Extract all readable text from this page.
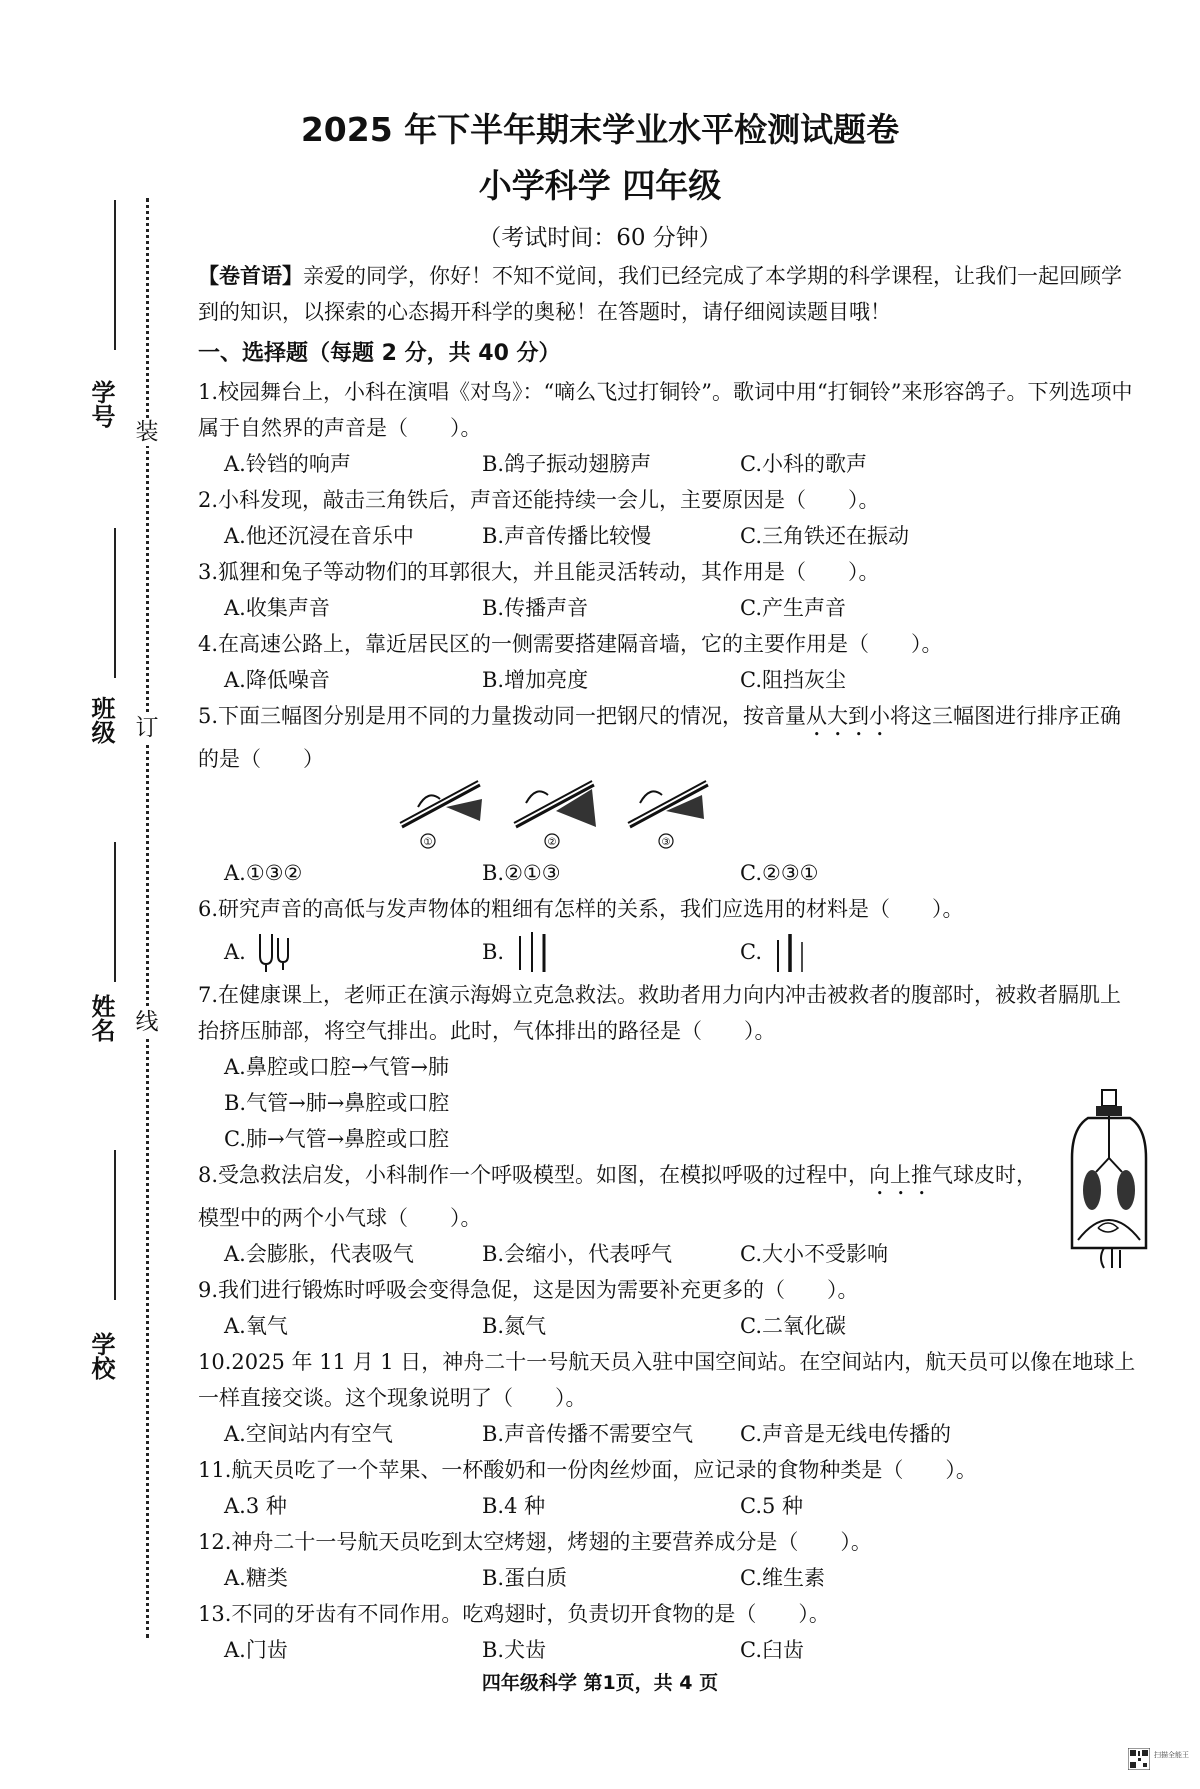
装
订
线
学号
班级
姓名
学校
2025 年下半年期末学业水平检测试题卷
小学科学 四年级
（考试时间：60 分钟）

【卷首语】亲爱的同学，你好！不知不觉间，我们已经完成了本学期的科学课程，让我们一起回顾学到的知识，以探索的心态揭开科学的奥秘！在答题时，请仔细阅读题目哦！

一、选择题（每题 2 分，共 40 分）

1.校园舞台上，小科在演唱《对鸟》：“嘀么飞过打铜铃”。歌词中用“打铜铃”来形容鸽子。下列选项中属于自然界的声音是（　　）。

A.铃铛的响声	B.鸽子振动翅膀声	C.小科的歌声

2.小科发现，敲击三角铁后，声音还能持续一会儿，主要原因是（　　）。

A.他还沉浸在音乐中	B.声音传播比较慢	C.三角铁还在振动

3.狐狸和兔子等动物们的耳郭很大，并且能灵活转动，其作用是（　　）。

A.收集声音	B.传播声音	C.产生声音

4.在高速公路上，靠近居民区的一侧需要搭建隔音墙，它的主要作用是（　　）。

A.降低噪音	B.增加亮度	C.阻挡灰尘

5.下面三幅图分别是用不同的力量拨动同一把钢尺的情况，按音量从大到小将这三幅图进行排序正确的是（　　）

①	②	③
A.①③②	B.②①③	C.②③①

6.研究声音的高低与发声物体的粗细有怎样的关系，我们应选用的材料是（　　）。

A.	B.	C.

7.在健康课上，老师正在演示海姆立克急救法。救助者用力向内冲击被救者的腹部时，被救者膈肌上抬挤压肺部，将空气排出。此时，气体排出的路径是（　　）。

A.鼻腔或口腔→气管→肺
B.气管→肺→鼻腔或口腔
C.肺→气管→鼻腔或口腔

8.受急救法启发，小科制作一个呼吸模型。如图，在模拟呼吸的过程中，向上推气球皮时，模型中的两个小气球（　　）。

A.会膨胀，代表吸气	B.会缩小，代表呼气	C.大小不受影响

9.我们进行锻炼时呼吸会变得急促，这是因为需要补充更多的（　　）。

A.氧气	B.氮气	C.二氧化碳

10.2025 年 11 月 1 日，神舟二十一号航天员入驻中国空间站。在空间站内，航天员可以像在地球上一样直接交谈。这个现象说明了（　　）。

A.空间站内有空气	B.声音传播不需要空气	C.声音是无线电传播的

11.航天员吃了一个苹果、一杯酸奶和一份肉丝炒面，应记录的食物种类是（　　）。

A.3 种	B.4 种	C.5 种

12.神舟二十一号航天员吃到太空烤翅，烤翅的主要营养成分是（　　）。

A.糖类	B.蛋白质	C.维生素

13.不同的牙齿有不同作用。吃鸡翅时，负责切开食物的是（　　）。

A.门齿	B.犬齿	C.臼齿
四年级科学 第1页，共 4 页
扫描全能王
